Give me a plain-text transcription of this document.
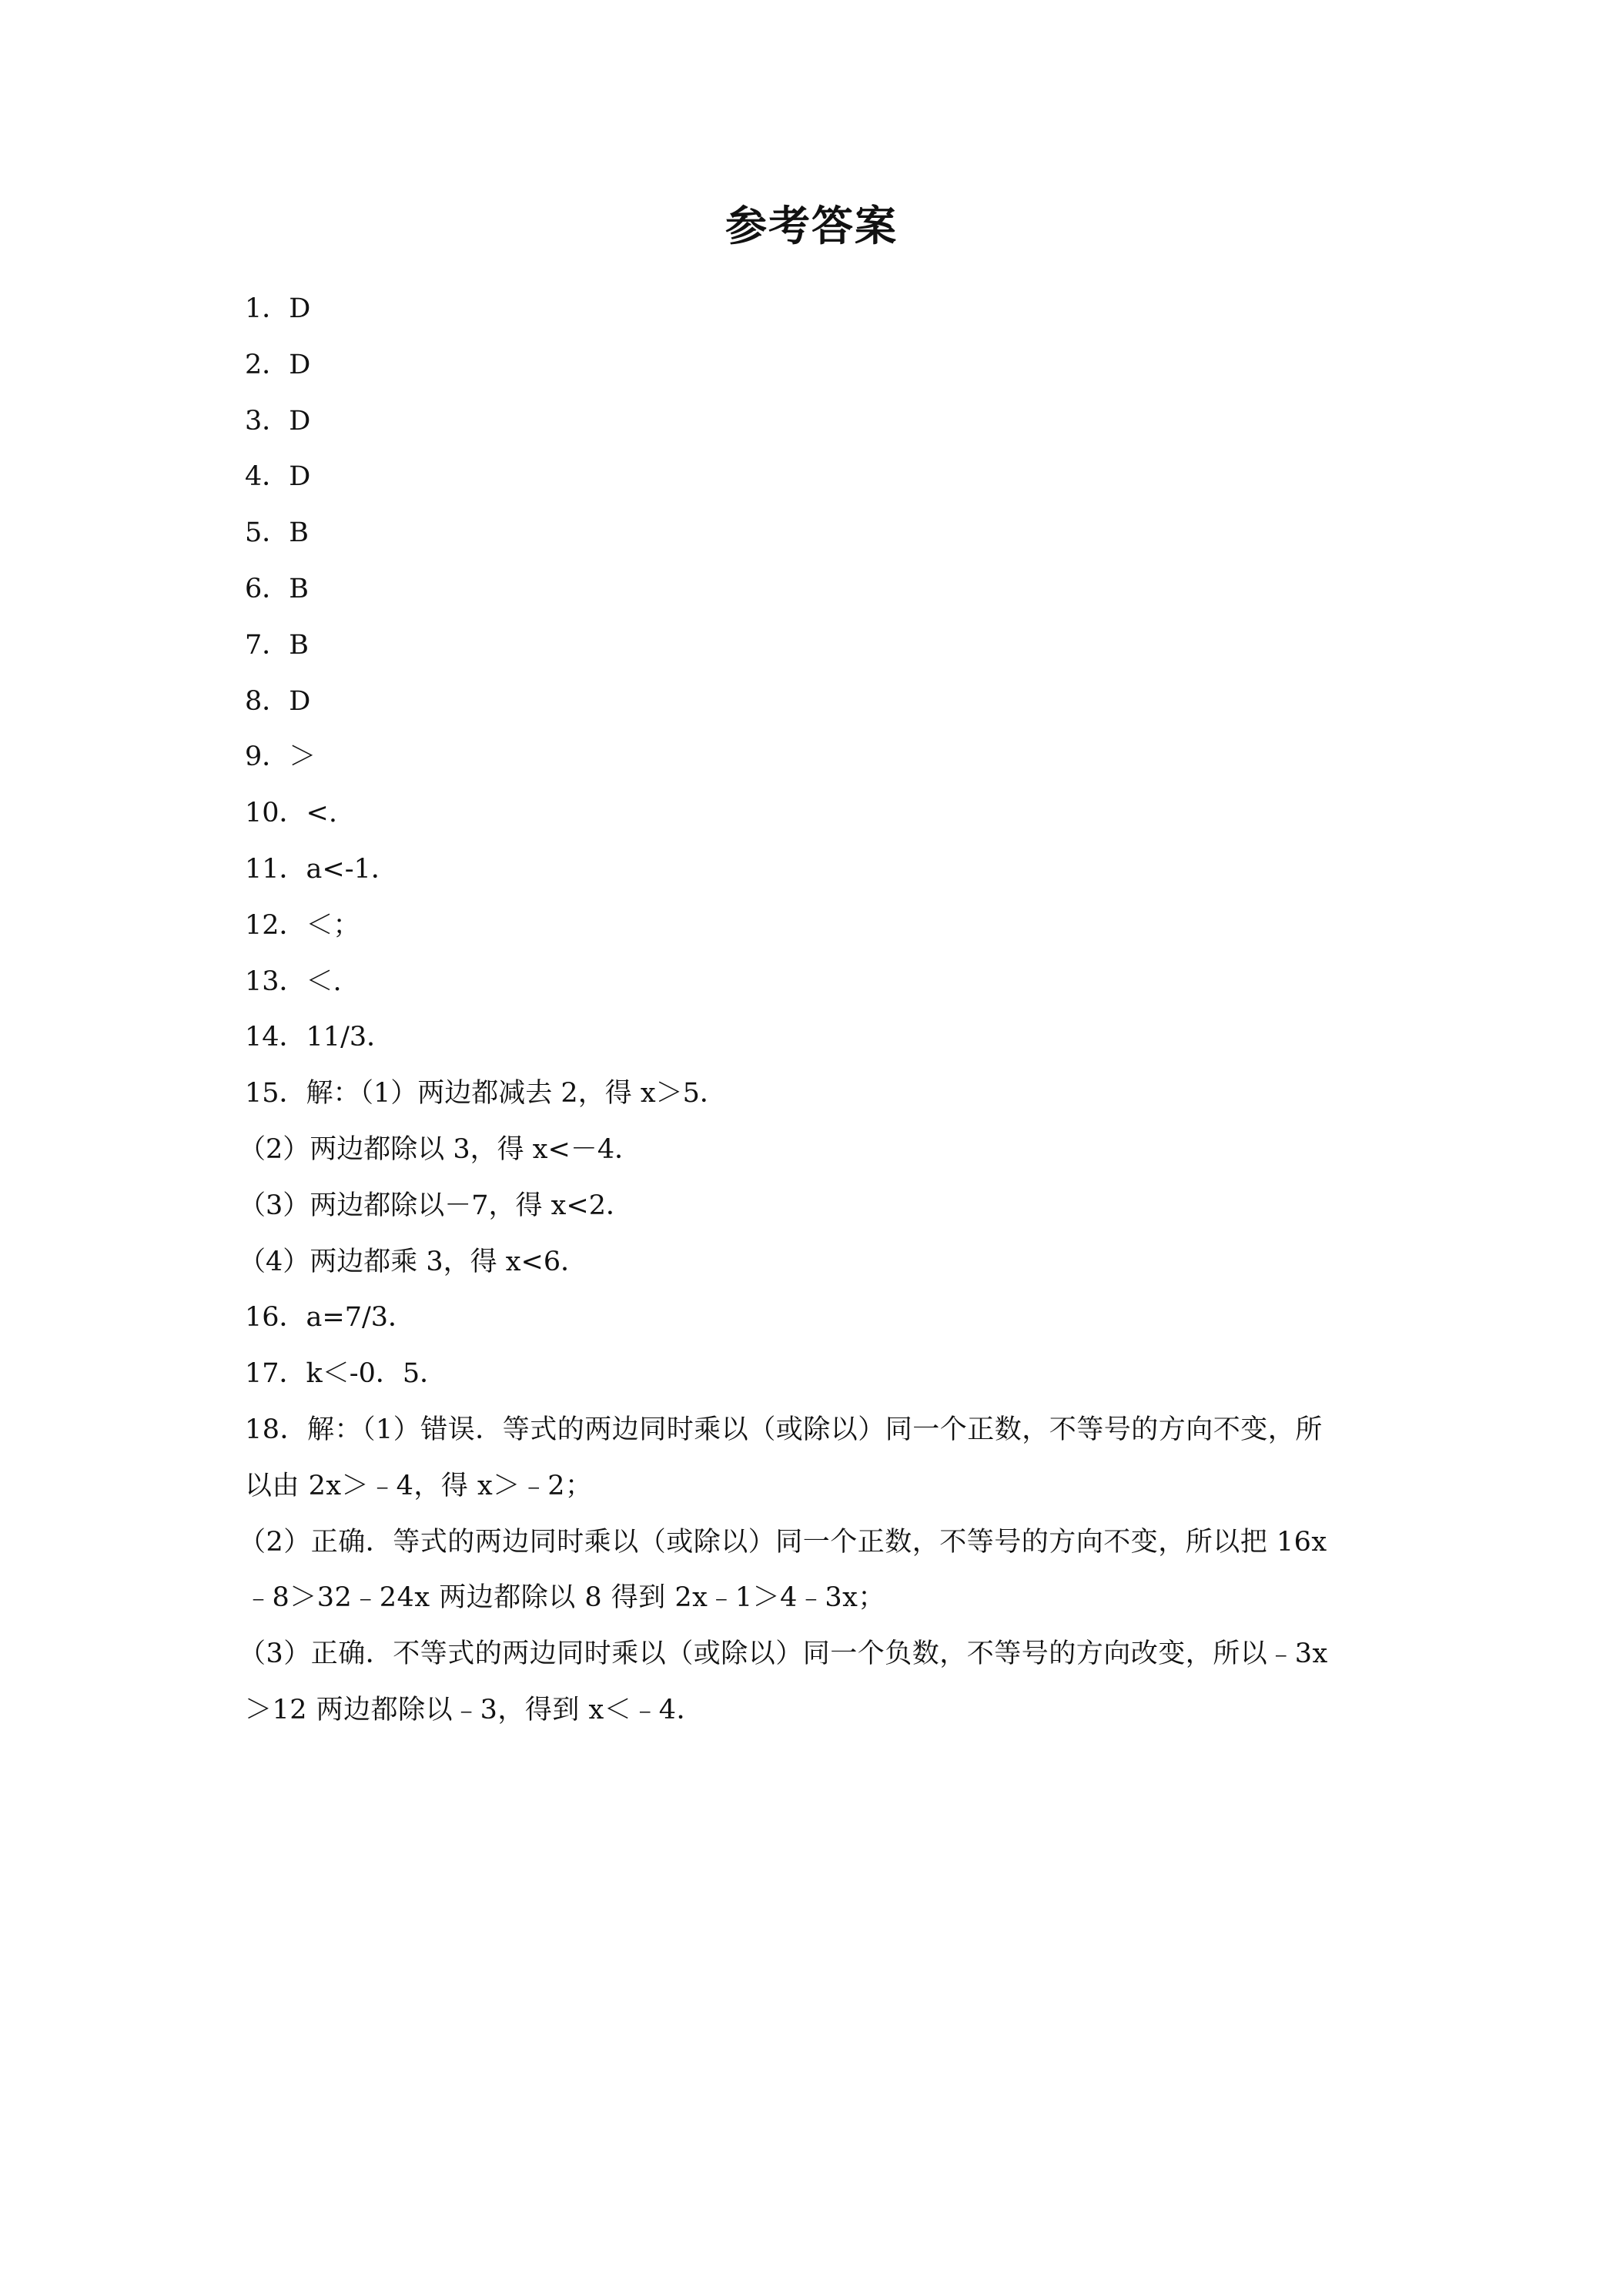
参考答案
1．D
2．D
3．D
4．D
5．B
6．B
7．B
8．D
9．＞
10．<.
11．a<-1．
12．＜；
13．＜.
14．11/3．
15．解：（1）两边都减去 2，得 x＞5．
（2）两边都除以 3，得 x<－4．
（3）两边都除以－7，得 x<2．
（4）两边都乘 3，得 x<6．
16．a=7/3．
17．k＜-0．5．
18．解：（1）错误．等式的两边同时乘以（或除以）同一个正数，不等号的方向不变，所
以由 2x＞﹣4，得 x＞﹣2；
（2）正确．等式的两边同时乘以（或除以）同一个正数，不等号的方向不变，所以把 16x
﹣8＞32﹣24x 两边都除以 8 得到 2x﹣1＞4﹣3x；
（3）正确．不等式的两边同时乘以（或除以）同一个负数，不等号的方向改变，所以﹣3x
＞12 两边都除以﹣3，得到 x＜﹣4．
